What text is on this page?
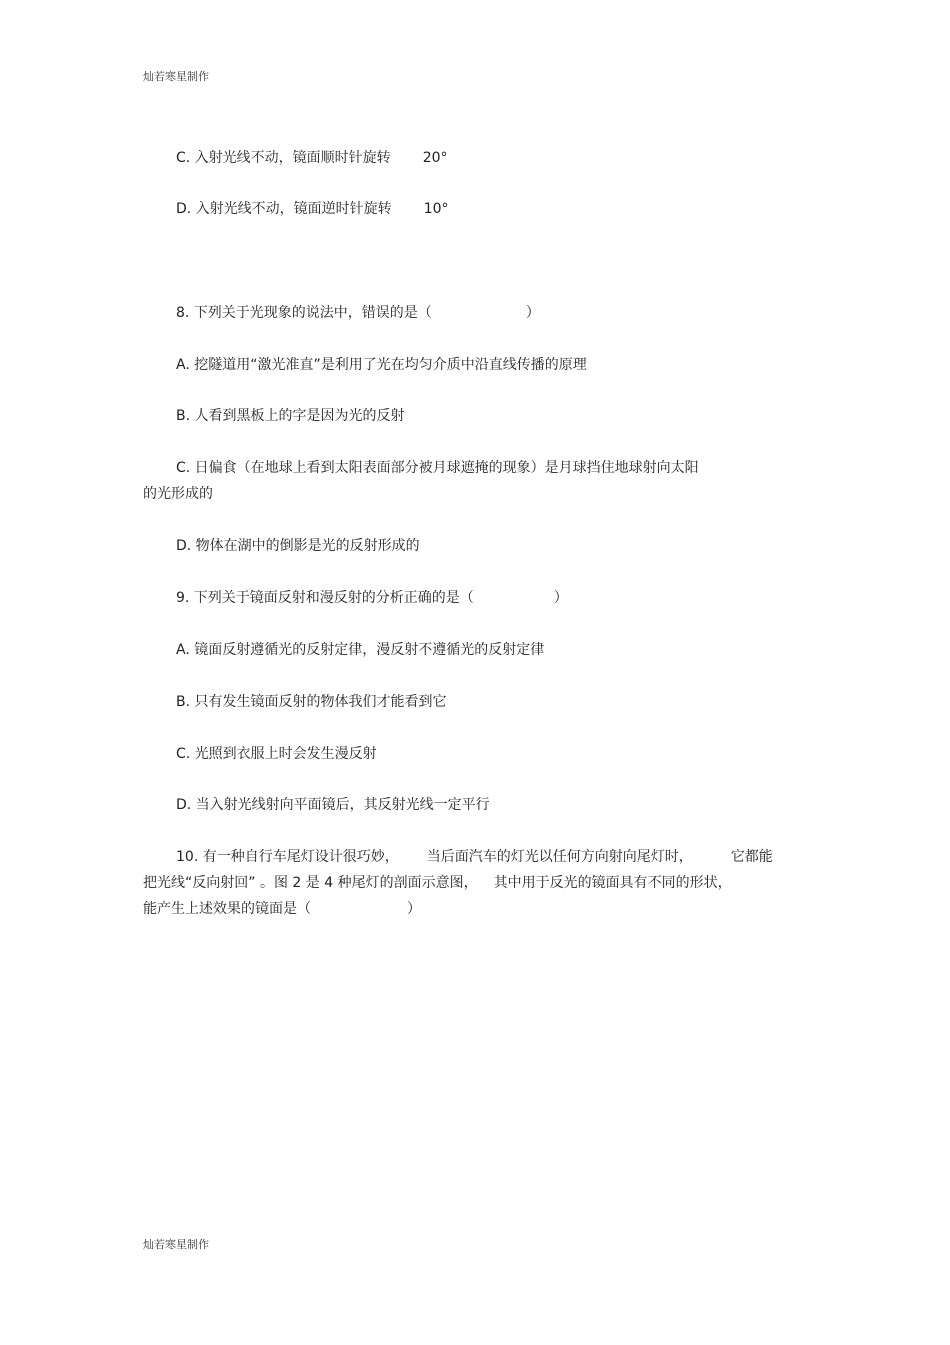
灿若寒星制作
C. 入射光线不动，镜面顺时针旋转 20°
D. 入射光线不动，镜面逆时针旋转 10°
8. 下列关于光现象的说法中，错误的是（	）
A. 挖隧道用“激光准直”是利用了光在均匀介质中沿直线传播的原理
B. 人看到黑板上的字是因为光的反射
C. 日偏食（在地球上看到太阳表面部分被月球遮掩的现象）是月球挡住地球射向太阳
的光形成的
D. 物体在湖中的倒影是光的反射形成的
9. 下列关于镜面反射和漫反射的分析正确的是（	）
A. 镜面反射遵循光的反射定律，漫反射不遵循光的反射定律
B. 只有发生镜面反射的物体我们才能看到它
C. 光照到衣服上时会发生漫反射
D. 当入射光线射向平面镜后，其反射光线一定平行
10. 有一种自行车尾灯设计很巧妙， 当后面汽车的灯光以任何方向射向尾灯时，	它都能
把光线“反向射回” 。图 2 是 4 种尾灯的剖面示意图， 其中用于反光的镜面具有不同的形状，
能产生上述效果的镜面是（	）
灿若寒星制作
